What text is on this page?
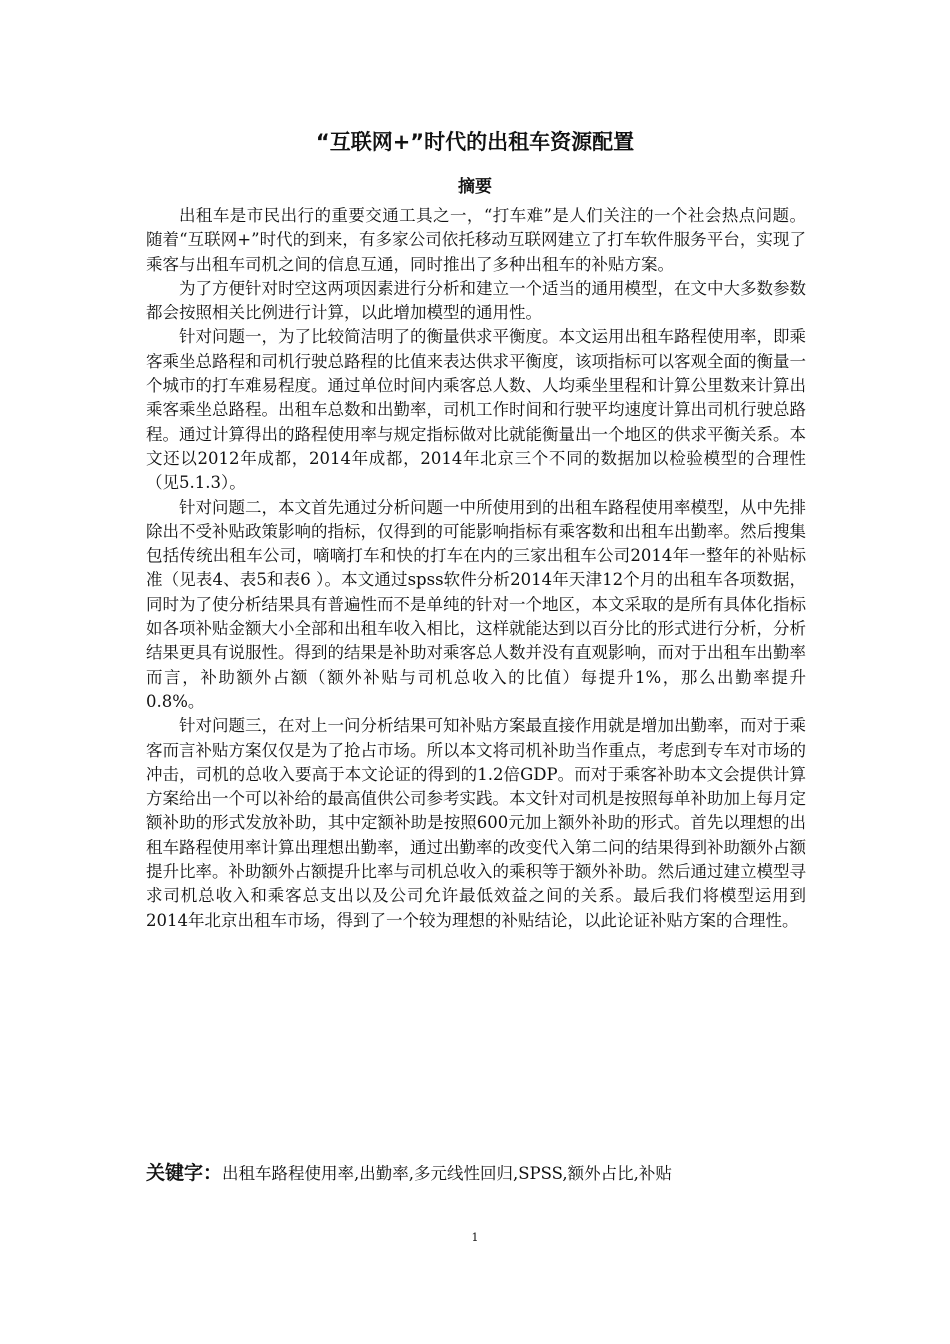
“互联网+”时代的出租车资源配置
摘要

出租车是市民出行的重要交通工具之一，“打车难”是人们关注的一个社会热点问题。随着“互联网+”时代的到来，有多家公司依托移动互联网建立了打车软件服务平台，实现了乘客与出租车司机之间的信息互通，同时推出了多种出租车的补贴方案。

为了方便针对时空这两项因素进行分析和建立一个适当的通用模型，在文中大多数参数都会按照相关比例进行计算，以此增加模型的通用性。

针对问题一，为了比较简洁明了的衡量供求平衡度。本文运用出租车路程使用率，即乘客乘坐总路程和司机行驶总路程的比值来表达供求平衡度，该项指标可以客观全面的衡量一个城市的打车难易程度。通过单位时间内乘客总人数、人均乘坐里程和计算公里数来计算出乘客乘坐总路程。出租车总数和出勤率，司机工作时间和行驶平均速度计算出司机行驶总路程。通过计算得出的路程使用率与规定指标做对比就能衡量出一个地区的供求平衡关系。本文还以2012年成都，2014年成都，2014年北京三个不同的数据加以检验模型的合理性（见5.1.3）。

针对问题二，本文首先通过分析问题一中所使用到的出租车路程使用率模型，从中先排除出不受补贴政策影响的指标，仅得到的可能影响指标有乘客数和出租车出勤率。然后搜集包括传统出租车公司，嘀嘀打车和快的打车在内的三家出租车公司2014年一整年的补贴标准（见表4、表5和表6 ）。本文通过spss软件分析2014年天津12个月的出租车各项数据，同时为了使分析结果具有普遍性而不是单纯的针对一个地区，本文采取的是所有具体化指标如各项补贴金额大小全部和出租车收入相比，这样就能达到以百分比的形式进行分析，分析结果更具有说服性。得到的结果是补助对乘客总人数并没有直观影响，而对于出租车出勤率而言，补助额外占额（额外补贴与司机总收入的比值）每提升1%，那么出勤率提升0.8%。

针对问题三，在对上一问分析结果可知补贴方案最直接作用就是增加出勤率，而对于乘客而言补贴方案仅仅是为了抢占市场。所以本文将司机补助当作重点，考虑到专车对市场的冲击，司机的总收入要高于本文论证的得到的1.2倍GDP。而对于乘客补助本文会提供计算方案给出一个可以补给的最高值供公司参考实践。本文针对司机是按照每单补助加上每月定额补助的形式发放补助，其中定额补助是按照600元加上额外补助的形式。首先以理想的出租车路程使用率计算出理想出勤率，通过出勤率的改变代入第二问的结果得到补助额外占额提升比率。补助额外占额提升比率与司机总收入的乘积等于额外补助。然后通过建立模型寻求司机总收入和乘客总支出以及公司允许最低效益之间的关系。最后我们将模型运用到2014年北京出租车市场，得到了一个较为理想的补贴结论，以此论证补贴方案的合理性。

关键字：出租车路程使用率,出勤率,多元线性回归,SPSS,额外占比,补贴
1
